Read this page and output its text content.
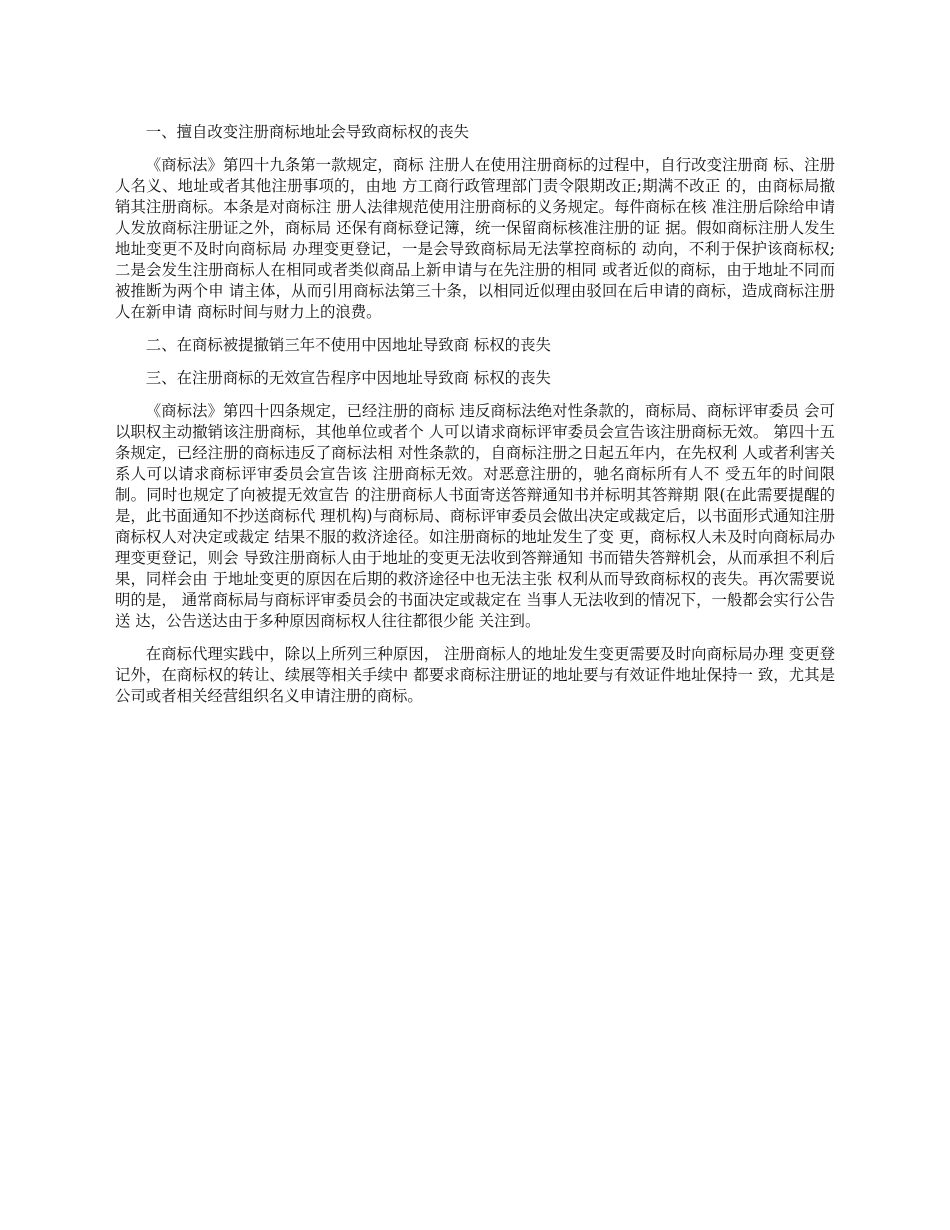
一、擅自改变注册商标地址会导致商标权的丧失

《商标法》第四十九条第一款规定，商标 注册人在使用注册商标的过程中，自行改变注册商 标、注册人名义、地址或者其他注册事项的，由地 方工商行政管理部门责令限期改正;期满不改正 的，由商标局撤销其注册商标。本条是对商标注 册人法律规范使用注册商标的义务规定。每件商标在核 准注册后除给申请人发放商标注册证之外，商标局 还保有商标登记簿，统一保留商标核准注册的证 据。假如商标注册人发生地址变更不及时向商标局 办理变更登记，一是会导致商标局无法掌控商标的 动向，不利于保护该商标权;二是会发生注册商标人在相同或者类似商品上新申请与在先注册的相同 或者近似的商标，由于地址不同而被推断为两个申 请主体，从而引用商标法第三十条，以相同近似理由驳回在后申请的商标，造成商标注册人在新申请 商标时间与财力上的浪费。

二、在商标被提撤销三年不使用中因地址导致商 标权的丧失

三、在注册商标的无效宣告程序中因地址导致商 标权的丧失

《商标法》第四十四条规定，已经注册的商标 违反商标法绝对性条款的，商标局、商标评审委员 会可以职权主动撤销该注册商标，其他单位或者个 人可以请求商标评审委员会宣告该注册商标无效。 第四十五条规定，已经注册的商标违反了商标法相 对性条款的，自商标注册之日起五年内，在先权利 人或者利害关系人可以请求商标评审委员会宣告该 注册商标无效。对恶意注册的，驰名商标所有人不 受五年的时间限制。同时也规定了向被提无效宣告 的注册商标人书面寄送答辩通知书并标明其答辩期 限(在此需要提醒的是，此书面通知不抄送商标代 理机构)与商标局、商标评审委员会做出决定或裁定后，以书面形式通知注册商标权人对决定或裁定 结果不服的救济途径。如注册商标的地址发生了变 更，商标权人未及时向商标局办理变更登记，则会 导致注册商标人由于地址的变更无法收到答辩通知 书而错失答辩机会，从而承担不利后果，同样会由 于地址变更的原因在后期的救济途径中也无法主张 权利从而导致商标权的丧失。再次需要说明的是， 通常商标局与商标评审委员会的书面决定或裁定在 当事人无法收到的情况下，一般都会实行公告送 达，公告送达由于多种原因商标权人往往都很少能 关注到。

在商标代理实践中，除以上所列三种原因， 注册商标人的地址发生变更需要及时向商标局办理 变更登记外，在商标权的转让、续展等相关手续中 都要求商标注册证的地址要与有效证件地址保持一 致，尤其是公司或者相关经营组织名义申请注册的商标。
